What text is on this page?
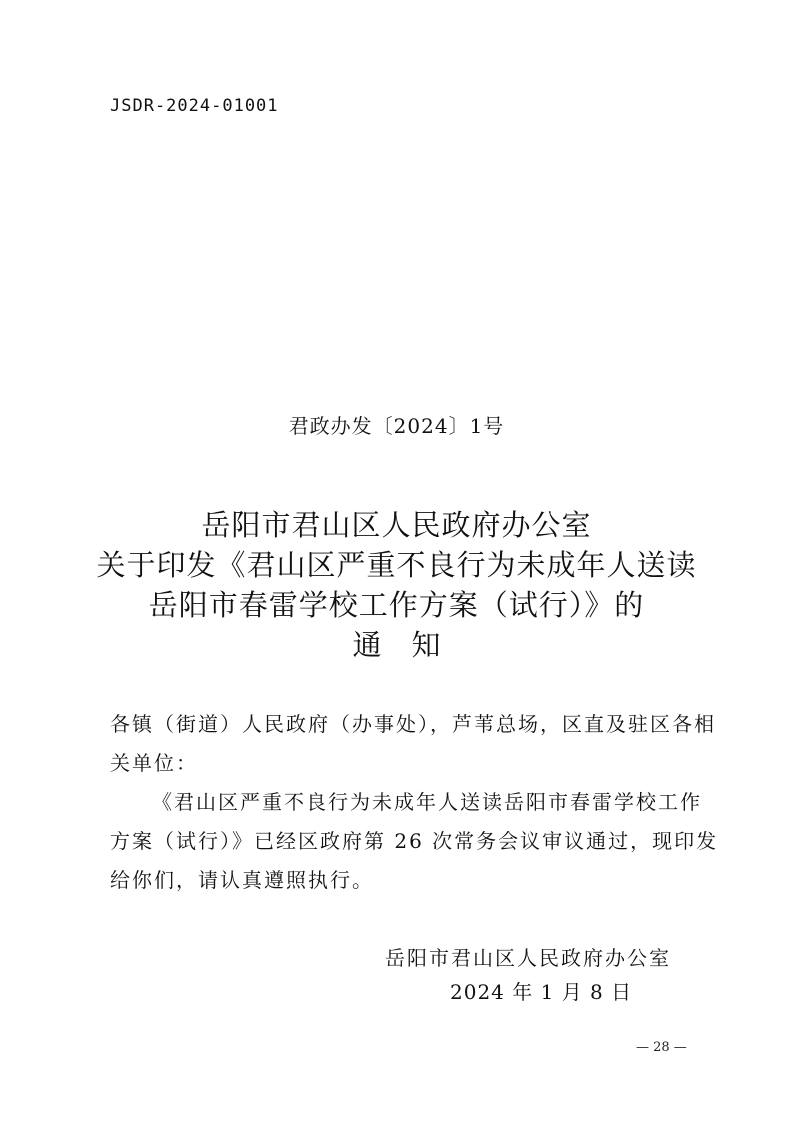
JSDR-2024-01001
君政办发〔2024〕1号
岳阳市君山区人民政府办公室
关于印发《君山区严重不良行为未成年人送读
岳阳市春雷学校工作方案（试行）》的
通知
各镇（街道）人民政府（办事处），芦苇总场，区直及驻区各相
关单位：
《君山区严重不良行为未成年人送读岳阳市春雷学校工作
方案（试行）》已经区政府第 26 次常务会议审议通过，现印发
给你们，请认真遵照执行。
岳阳市君山区人民政府办公室
2024 年 1 月 8 日
— 28 —
